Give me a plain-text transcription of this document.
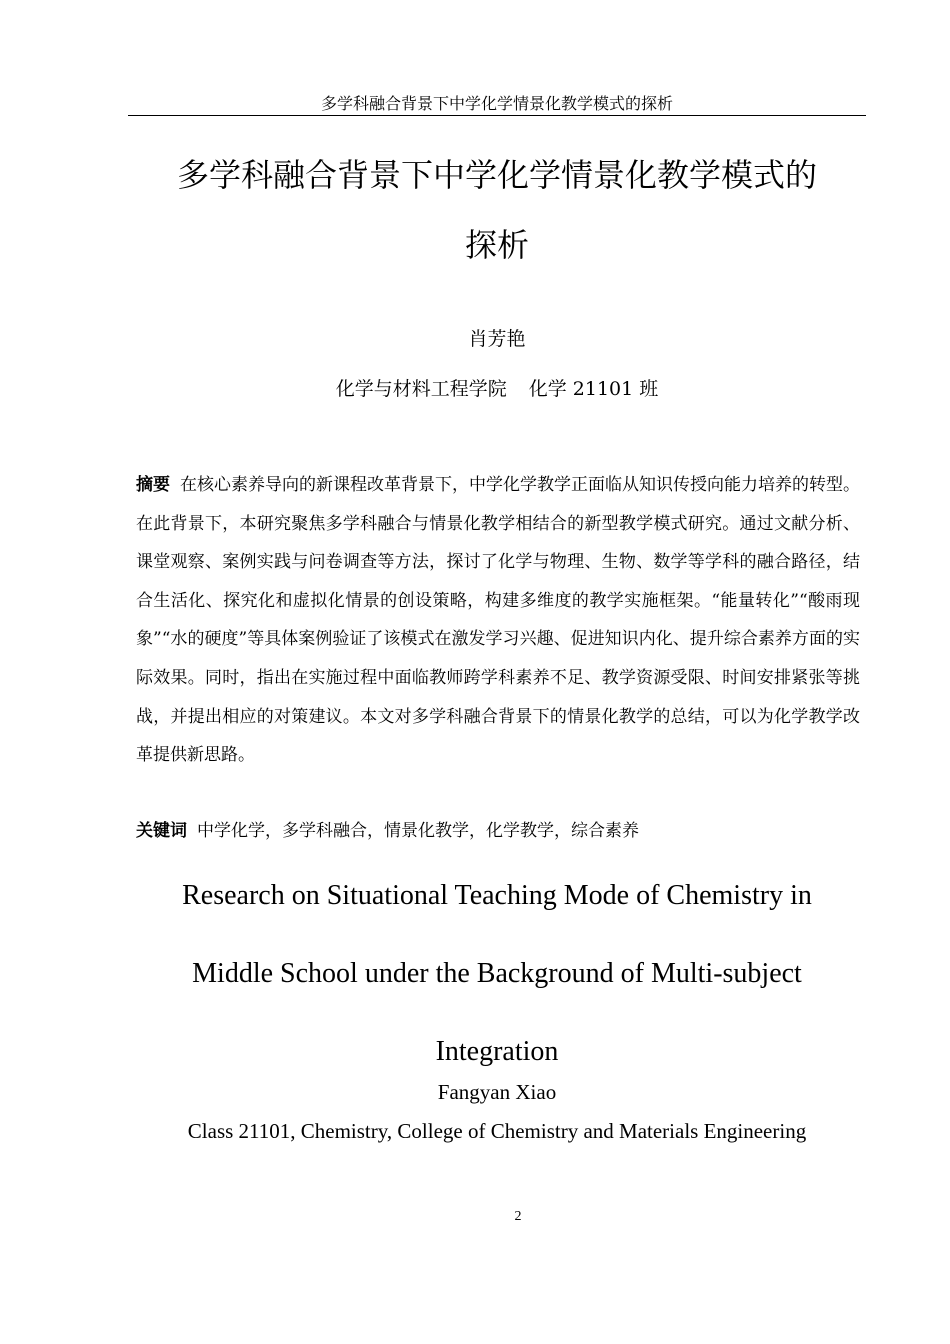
多学科融合背景下中学化学情景化教学模式的探析
多学科融合背景下中学化学情景化教学模式的
探析
肖芳艳
化学与材料工程学院 化学 21101 班

摘要 在核心素养导向的新课程改革背景下，中学化学教学正面临从知识传授向能力培养的转型。在此背景下，本研究聚焦多学科融合与情景化教学相结合的新型教学模式研究。通过文献分析、课堂观察、案例实践与问卷调查等方法，探讨了化学与物理、生物、数学等学科的融合路径，结合生活化、探究化和虚拟化情景的创设策略，构建多维度的教学实施框架。“能量转化”“酸雨现象”“水的硬度”等具体案例验证了该模式在激发学习兴趣、促进知识内化、提升综合素养方面的实际效果。同时，指出在实施过程中面临教师跨学科素养不足、教学资源受限、时间安排紧张等挑战，并提出相应的对策建议。本文对多学科融合背景下的情景化教学的总结，可以为化学教学改革提供新思路。

关键词 中学化学，多学科融合，情景化教学，化学教学，综合素养

Research on Situational Teaching Mode of Chemistry in
Middle School under the Background of Multi-subject
Integration
Fangyan Xiao
Class 21101, Chemistry, College of Chemistry and Materials Engineering
2
